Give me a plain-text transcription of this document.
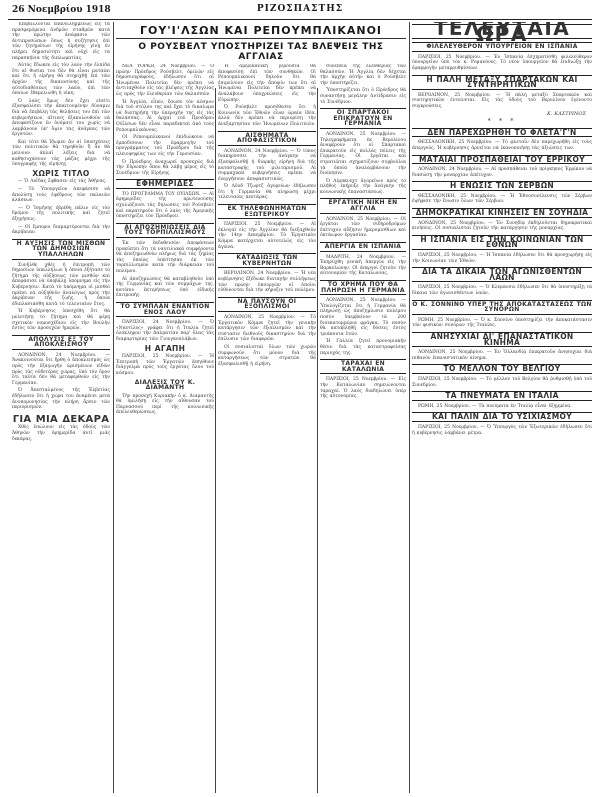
26 Νοεμβρίου 1918	ΡΙΖΟΣΠΑΣΤΗΣ
ΓΟΥ'Ι'ΛΣΩΝ ΚΑΙ ΡΕΠΟΥΜΠΛΙΚΑΝΟΙ
Ο ΡΟΥΣΒΕΛΤ ΥΠΟΣΤΗΡΙΖΕΙ ΤΑΣ ΒΛΕΨΕΙΣ ΤΗΣ ΑΓΓΛΙΑΣ

Ἐπιβάλλονται ἐπανειλημμένως εἰς τὰ προσφερόμενα ἀνδρῶν σταθμῶν κατὰ τὴν πρώτην ἀπόφασιν τῶν ἀντιπροσώπων ὅπως ἡ συζήτησις ἐπὶ τῶν ζητημάτων τῆς εἰρήνης γίνῃ ἐν πλήρει δημοσιότητι καὶ οὐχὶ εἰς τὰ παρασκήνια τῆς διπλωματίας.

Αὐτὸς ἔδωκεν εἰς τὸν λαὸν τὴν ἐλπίδα ὅτι αἱ θυσίαι του δὲν θὰ εἶναι ματαίαι καὶ ὅτι ἡ εἰρήνη θὰ στηριχθῇ ἐπὶ τῶν ἀρχῶν τῆς δικαιοσύνης καὶ τῆς αὐτοδιαθέσεως τῶν λαῶν, ἐπὶ τῶν ὁποίων ἐθεμελιώθη ἡ νίκη.

Ὁ λαὸς ὅμως δὲν ἔχει εἰσέτι ἐξασφαλίσει τὴν ἀπαιτουμένην δύναμιν διὰ νὰ ἐπιβάλῃ τὰς θελήσεις του ἐπὶ τῶν κυβερνήσεων, αἵτινες ἐξακολουθοῦν νὰ ἀποφασίζουν ἐν ὀνόματί του χωρὶς νὰ λαμβάνουν ὑπ' ὄψιν τὰς ἀνάγκας τῶν ἐργατῶν.

Καὶ τότε θὰ ἴδωμεν ἂν αἱ ὑποσχέσεις τῶν πολιτικῶν θὰ τηρηθοῦν ἢ ἂν θὰ μείνουν ἁπλαῖ λέξεις διὰ νὰ καθησυχάσουν τὰς μάζας μέχρι τῆς ὑπογραφῆς τῆς εἰρήνης.

ΧΩΡΙΣ ΤΙΤΛΟ

— Ὁ Λοΐδας ἔφθασεν εἰς τὰς Ἀθήνας.

— Τὸ Ὑπουργεῖον ἀπεφάσισε νὰ ἀπολύσῃ τοὺς ἐφέδρους τῶν παλαιῶν κλάσεων.

— Ὁ Ἰσμήνης ἐβρέθη πάλιν εἰς τὸν δρόμον τῆς πολιτικῆς καὶ ζητεῖ ἐξηγήσεις.

— Οἱ ἔμποροι διαμαρτύρονται διὰ τὴν ἀκρίβειαν.

Η ΑΥΞΗΣΙΣ ΤΩΝ ΜΙΣΘΩΝ ΤΩΝ ΔΗΜΟΣΙΩΝ ΥΠΑΛΛΗΛΩΝ

Συνῆλθε χθὲς ἡ ἐπιτροπὴ τῶν δημοσίων ὑπαλλήλων ἡ ὁποία ἐξήτασε τὸ ζήτημα τῆς αὐξήσεως τῶν μισθῶν καὶ ἀπεφάσισε νὰ ὑποβάλῃ ὑπόμνημα εἰς τὴν Κυβέρνησιν. Κατὰ τὸ ὑπόμνημα οἱ μισθοὶ πρέπει νὰ αὐξηθοῦν ἀναλόγως πρὸς τὴν ἀκρίβειαν τῆς ζωῆς, ἡ ὁποία ἐδιπλασιάσθη κατὰ τὸ τελευταῖον ἔτος.

Ἡ Κυβέρνησις ὑπεσχέθη ὅτι θὰ μελετήσῃ τὸ ζήτημα καὶ θὰ φέρῃ σχετικὸν νομοσχέδιον εἰς τὴν Βουλὴν ἐντὸς τῶν προσεχῶν ἡμερῶν.

ΑΠΟΛΥΣΙΣ ΕΞ ΤΟΥ ΑΠΟΚΛΕΙΣΜΟΥ

ΛΟΝΔΙΝΟΝ, 24 Νοεμβρίου. — Ἀνακοινοῦται ὅτι ἤρθη ὁ ἀποκλεισμὸς ὡς πρὸς τὴν ἐξαγωγὴν ὡρισμένων εἰδῶν πρὸς τὰς οὐδετέρας χώρας, ὑπὸ τὸν ὅρον ὅτι ταῦτα δὲν θὰ μεταφερθοῦν εἰς τὴν Γερμανίαν.

Ὁ Ἀπεσταλμένος τῆς Ἑλβετίας ἐδήλωσεν ὅτι ἡ χώρα του ἀναμένει μετὰ ἀνυπομονησίας τὴν πλήρη ἄρσιν τῶν περιορισμῶν.

ΓΙΑ ΜΙΑ ΔΕΚΑΡΑ

Χθὲς ἐπώλουν εἰς τὰς ὁδοὺς τῶν Ἀθηνῶν τὴν ἐφημερίδα ἀντὶ μιᾶς δεκάρας.

ΝΕΑ ΥΟΡΚΗ, 24 Νοεμβρίου. — Ὁ πρώην Πρόεδρος Ρούσβελτ, ὁμιλῶν εἰς δημοσιογράφους, ἐδήλωσεν ὅτι αἱ Ἡνωμέναι Πολιτεῖαι δὲν πρέπει νὰ ἀντιταχθοῦν εἰς τὰς βλέψεις τῆς Ἀγγλίας ὡς πρὸς τὴν ἐλευθερίαν τῶν θαλασσῶν.

Ἡ Ἀγγλία, εἶπεν, ἔσωσε τὸν κόσμον διὰ τοῦ στόλου της καὶ ἔχει τὸ δικαίωμα νὰ διατηρήσῃ τὴν ὑπεροχήν της εἰς τὰς θαλάσσας. Αἱ ἀρχαὶ τοῦ Προέδρου Οὐΐλσων δὲν εἶναι παραδεκταὶ ἀπὸ τοὺς Ρεπουμπλικάνους.

Οἱ Ρεπουμπλικανοὶ ἐπιδιώκουν νὰ ἐμποδίσουν τὴν ἐφαρμογὴν τοῦ προγράμματος τοῦ Προέδρου διὰ τῆς πλειοψηφίας των εἰς τὴν Γερουσίαν.

Ὁ Πρόεδρος ἀναχωρεῖ προσεχῶς διὰ τὴν Εὐρώπην ὅπου θὰ λάβῃ μέρος εἰς τὸ Συνέδριον τῆς Εἰρήνης.

ΕΦΗΜΕΡΙΔΕΣ

ΤΟ ΠΡΟΓΡΑΜΜΑ ΤΟΥ ΟΥΙΛΣΩΝ. — Αἱ ἐφημερίδες τῆς πρωτευούσης σχολιάζουσι τὰς δηλώσεις τοῦ Ρούσβελτ καὶ παρατηροῦν ὅτι ὁ λαὸς τῆς Ἀμερικῆς ὑποστηρίζει τὸν Πρόεδρον.

ΑΙ ΑΠΟΖΗΜΙΩΣΕΙΣ ΔΙΑ ΤΟΥΣ ΤΟΡΠΙΛΛΙΣΜΟΥΣ

Ἐκ τῶν ἐκδοθεισῶν ἀποφάσεων προκύπτει ὅτι τὰ ναυτιλιακὰ συμφέροντα θὰ ἀποζημιωθοῦν πλήρως διὰ τὰς ζημίας τὰς ὁποίας ὑπέστησαν ἐκ τῶν τορπιλλισμῶν κατὰ τὴν διάρκειαν τοῦ πολέμου.

Αἱ ἀποζημιώσεις θὰ καταβληθοῦν ὑπὸ τῆς Γερμανίας καὶ τῶν συμμάχων της, κατόπιν ἐκτιμήσεως ὑπὸ εἰδικῆς ἐπιτροπῆς.

ΤΟ ΣΥΜΠΛΑΝ ΕΝΑΝΤΙΟΝ ΕΝΟΣ ΛΑΟΥ

ΠΑΡΙΣΙΟΙ, 24 Νοεμβρίου. — Ὁ «Ναυτίλος» γράφει ὅτι ἡ Ἰταλία ζητεῖ ὁλόκληρον τὴν Δαλματίαν παρ' ὅλας τὰς διαμαρτυρίας τῶν Γιουγκοσλάβων.

Η ΑΓΑΠΗ

ΠΑΡΙΣΙΟΙ, 25 Νοεμβρίου. — Ἡ Ἐπιτροπὴ τῶν Ἐργατῶν ἀπηύθυνε διάγγελμα πρὸς τοὺς ἐργάτας ὅλου τοῦ κόσμου.

ΔΙΑΛΕΞΙΣ ΤΟΥ Κ. ΔΙΑΜΑΝΤΗ

Τὴν προσεχῆ Κυριακὴν ὁ κ. Διαμαντῆς θὰ ὁμιλήσῃ εἰς τὴν αἴθουσαν τοῦ Παρνασσοῦ περὶ τῆς κοινωνικῆς ἀπελευθερώσεως.

Ἡ ἀμερικανικὴ γερουσία θὰ ἀποφασίσῃ ἐπὶ τῶν συνθηκῶν. Οἱ Ρεπουμπλικανοὶ δηλοῦν ὅτι θὰ ἐπιμείνουν εἰς τὴν ἄποψίν των ὅτι αἱ Ἡνωμέναι Πολιτεῖαι δὲν πρέπει νὰ ἀναλάβουν ὑποχρεώσεις εἰς τὴν Εὐρώπην.

Ὁ Ρούσβελτ προσέθεσεν ὅτι ἡ Κοινωνία τῶν Ἐθνῶν εἶναι ὡραία ἰδέα, ἀλλὰ δὲν πρέπει νὰ περιορίσῃ τὴν ἀνεξαρτησίαν τῶν Ἡνωμένων Πολιτειῶν.

ΑΙΣΘΗΜΑΤΑ ΑΠΟΦΑΣΙΣΤΙΚΟΝ

ΛΟΝΔΙΝΟΝ, 24 Νοεμβρίου. — Ὁ τύπος διακηρύσσει τὴν ἀνάγκην νὰ ἐξασφαλισθῇ ἡ διαρκὴς εἰρήνη διὰ τῆς καταστροφῆς τοῦ μιλιταρισμοῦ. Αἱ συμμαχικαὶ κυβερνήσεις πρέπει νὰ ἐνεργήσουν ἀποφασιστικῶς.

Ὁ Λόυδ Τζωρτζ ἀγορεύων ἐδήλωσεν ὅτι ἡ Γερμανία θὰ πληρώσῃ μέχρι τελευταίας πεντάρας.

ΕΚ ΤΗΛΕΦΩΝΗΜΑΤΩΝ ΕΞΩΤΕΡΙΚΟΥ

ΠΑΡΙΣΙΟΙ, 25 Νοεμβρίου. — Αἱ ἐκλογαὶ εἰς τὴν Ἀγγλίαν θὰ διεξαχθοῦν τὴν 14ην Δεκεμβρίου. Τὸ Ἐργατικὸν Κόμμα κατέρχεται αὐτοτελῶς εἰς τὸν ἀγῶνα.

ΚΑΤΑΔΙΩΞΙΣ ΤΩΝ ΚΥΒΕΡΝΗΤΩΝ

ΒΕΡΟΛΙΝΟΝ, 24 Νοεμβρίου. — Ἡ νέα κυβέρνησις ἐξέδωκε διαταγὴν συλλήψεως τῶν πρώην ὑπουργῶν οἱ ὁποῖοι εὐθύνονται διὰ τὴν κήρυξιν τοῦ πολέμου.

ΝΑ ΠΑΥΣΟΥΝ ΟΙ ΕΞΟΠΛΙΣΜΟΙ

ΛΟΝΔΙΝΟΝ, 25 Νοεμβρίου. — Τὸ Ἐργατικὸν Κόμμα ζητεῖ τὴν γενικὴν κατάργησιν τῶν ἐξοπλισμῶν καὶ τὴν σύστασιν διεθνοῦς δικαστηρίου διὰ τὴν ἐπίλυσιν τῶν διαφορῶν.

Οἱ σοσιαλισταὶ ὅλων τῶν χωρῶν συμφωνοῦν ὅτι μόνον διὰ τῆς καταργήσεως τῶν στρατῶν θὰ ἐξασφαλισθῇ ἡ εἰρήνη.

συνέπεια τῆς ἐλευθερίας τῶν θαλασσῶν. Ἡ Ἀγγλία δὲν δέχεται τὴν ἀρχὴν αὐτὴν καὶ ὁ Ρούσβελτ τὴν ὑποστηρίζει.

Ὑποστηρίζεται ὅτι ὁ Πρόεδρος θὰ συναντήσῃ μεγάλην ἀντίδρασιν εἰς τὸ Συνέδριον.

ΟΙ ΣΠΑΡΤΑΚΟΙ ΕΠΙΚΡΑΤΟΥΝ ΕΝ ΓΕΡΜΑΝΙΑ

ΛΟΝΔΙΝΟΝ, 25 Νοεμβρίου. — Τηλεγραφήματα ἐκ Βερολίνου ἀναφέρουν ὅτι οἱ Σπαρτακοὶ ἐπικρατοῦν εἰς πολλὰς πόλεις τῆς Γερμανίας. Οἱ ἐργάται καὶ στρατιῶται σχηματίζουν συμβούλια τὰ ὁποῖα ἀναλαμβάνουν τὴν διοίκησιν.

Ὁ Λίμπκνεχτ ἀγορεύων πρὸς τὸ πλῆθος ἐκήρυξε τὴν ἀνάγκην τῆς κοινωνικῆς ἐπαναστάσεως.

ΕΡΓΑΤΙΚΗ ΝΙΚΗ ΕΝ ΑΓΓΛΙΑ

ΛΟΝΔΙΝΟΝ, 25 Νοεμβρίου. — Οἱ ἐργάται τῶν σιδηροδρόμων ἐπέτυχον αὔξησιν ἡμερομισθίων καὶ ὀκτάωρον ἐργασίαν.

ΑΠΕΡΓΙΑ ΕΝ ΙΣΠΑΝΙΑ

ΜΑΔΡΙΤΗ, 24 Νοεμβρίου. — Ἐκηρύχθη γενικὴ ἀπεργία εἰς τὴν Βαρκελώνην. Οἱ ἀπεργοὶ ζητοῦν τὴν αὐτονομίαν τῆς Καταλωνίας.

ΤΟ ΧΡΗΜΑ ΠΟΥ ΘΑ ΠΛΗΡΩΣΗ Η ΓΕΡΜΑΝΙΑ

ΛΟΝΔΙΝΟΝ, 25 Νοεμβρίου. — Ὑπολογίζεται ὅτι ἡ Γερμανία θὰ πληρώσῃ ὡς ἀποζημίωσιν πολέμου ποσὸν ὑπερβαῖνον τὰ 200 δισεκατομμύρια φράγκα. Τὸ ποσὸν θὰ καταβληθῇ εἰς δόσεις ἐντὸς τριάκοντα ἐτῶν.

Ἡ Γαλλία ζητεῖ προνομιακὴν θέσιν διὰ τὰς καταστραφείσας περιοχάς της.

ΤΑΡΑΧΑΙ ΕΝ ΚΑΤΑΛΩΝΙΑ

ΠΑΡΙΣΙΟΙ, 25 Νοεμβρίου. — Εἰς τὴν Καταλωνίαν σημειώνονται ταραχαί. Ὁ λαὸς διαδηλώνει ὑπὲρ τῆς αὐτονομίας.

ΤΕΛΕΥΤΑΙΑ ΩΡΑ
ΦΙΛΕΛΕΥΘΕΡΟΝ ΥΠΟΥΡΓΕΙΟΝ ΕΝ ΙΣΠΑΝΙΑ

ΠΑΡΙΣΙΟΙ, 25 Νοεμβρίου. — Ἐν Ἰσπανίᾳ ἐσχηματίσθη φιλελεύθερον ὑπουργεῖον ὑπὸ τὸν κ. Ρομανόνες. Τὸ νέον ὑπουργεῖον θὰ ἐπιδιώξῃ τὴν ἐφαρμογὴν μεταρρυθμίσεων.

Η ΠΑΛΗ ΜΕΤΑΞΥ ΣΠΑΡΤΑΚΩΝ ΚΑΙ ΣΥΝΤΗΡΗΤΙΚΩΝ

ΒΕΡΟΛΙΝΟΝ, 25 Νοεμβρίου. — Ἡ πάλη μεταξὺ Σπαρτακῶν καὶ συντηρητικῶν ἐντείνεται. Εἰς τὰς ὁδοὺς τοῦ Βερολίνου ἐγένοντο συγκρούσεις.

Κ. ΚΑΣΤΡΙΝΟΣ
* * *
ΔΕΝ ΠΑΡΕΧΩΡΗΘΗ ΤΟ ΦΛΕΤΑ'Γ'Ν

ΘΕΣΣΑΛΟΝΙΚΗ, 25 Νοεμβρίου. — Τὸ φλεταΐν δὲν παρεχωρήθη εἰς τοὺς ἀπεργούς. Ἡ κυβέρνησις ἀρνεῖται νὰ ἱκανοποιήσῃ τὰς ἀξιώσεις των.

ΜΑΤΑΙΑΙ ΠΡΟΣΠΑΘΕΙΑΙ ΤΟΥ ΕΡΡΙΚΟΥ

ΛΟΝΔΙΝΟΝ, 24 Νοεμβρίου. — Αἱ προσπάθειαι τοῦ πρίγκηπος Ἐρρίκου νὰ διασώσῃ τὴν μοναρχίαν ἀπέτυχον.

Η ΕΝΩΣΙΣ ΤΩΝ ΣΕΡΒΩΝ

ΘΕΣΣΑΛΟΝΙΚΗ, 25 Νοεμβρίου. — Ἡ Ἐθνοσυνέλευσις τῶν Σέρβων ἐψήφισε τὴν ἕνωσιν ὅλων τῶν Σέρβων.

ΔΗΜΟΚΡΑΤΙΚΑΙ ΚΙΝΗΣΕΙΣ ΕΝ ΣΟΥΗΔΙΑ

ΛΟΝΔΙΝΟΝ, 25 Νοεμβρίου. — Ἐν Σουηδίᾳ ἐκδηλοῦνται δημοκρατικαὶ κινήσεις. Οἱ σοσιαλισταὶ ζητοῦν τὴν κατάργησιν τῆς μοναρχίας.

Η ΙΣΠΑΝΙΑ ΕΙΣ ΤΗΝ ΚΟΙΝΩΝΙΑΝ ΤΩΝ ΕΘΝΩΝ

ΠΑΡΙΣΙΟΙ, 25 Νοεμβρίου. — Ἡ Ἰσπανία ἐδήλωσεν ὅτι θὰ προσχωρήσῃ εἰς τὴν Κοινωνίαν τῶν Ἐθνῶν.

ΔΙΑ ΤΑ ΔΙΚΑΙΑ ΤΩΝ ΑΓΩΝΙΣΘΕΝΤΩΝ ΛΑΩΝ

ΠΑΡΙΣΙΟΙ, 25 Νοεμβρίου. — Ὁ Κλεμανσὼ ἐδήλωσεν ὅτι θὰ ὑποστηρίξῃ τὰ δίκαια τῶν ἀγωνισθέντων λαῶν.

Ο Κ. ΣΟΝΝΙΝΟ ΥΠΕΡ ΤΗΣ ΑΠΟΚΑΤΑΣΤΑΣΕΩΣ ΤΩΝ ΣΥΝΟΡΩΝ

ΡΩΜΗ, 25 Νοεμβρίου. — Ὁ κ. Σοννίνο ὑποστηρίζει τὴν ἀποκατάστασιν τῶν φυσικῶν συνόρων τῆς Ἰταλίας.

ΑΝΗΣΥΧΙΑΙ ΔΙ' ΕΠΑΝΑΣΤΑΤΙΚΟΝ ΚΙΝΗΜΑ

ΛΟΝΔΙΝΟΝ, 25 Νοεμβρίου. — Ἐν Ὀλλανδίᾳ ἐπικρατοῦν ἀνησυχίαι διὰ πιθανὸν ἐπαναστατικὸν κίνημα.

ΤΟ ΜΕΛΛΟΝ ΤΟΥ ΒΕΛΓΙΟΥ

ΠΑΡΙΣΙΟΙ, 25 Νοεμβρίου. — Τὸ μέλλον τοῦ Βελγίου θὰ ῥυθμισθῇ ὑπὸ τοῦ Συνεδρίου.

ΤΑ ΠΝΕΥΜΑΤΑ ΕΝ ΙΤΑΛΙΑ

ΡΩΜΗ, 25 Νοεμβρίου. — Τὰ πνεύματα ἐν Ἰταλίᾳ εἶναι ἐξημμένα.

ΚΑΙ ΠΑΛΙΝ ΔΙΑ ΤΟ ΥΣΙΧΙΑΣΜΟΥ

ΠΑΡΙΣΙΟΙ, 25 Νοεμβρίου. — Ὁ Ὑπουργὸς τῶν Ἐξωτερικῶν ἐδήλωσεν ὅτι ἡ κυβέρνησις λαμβάνει μέτρα.
